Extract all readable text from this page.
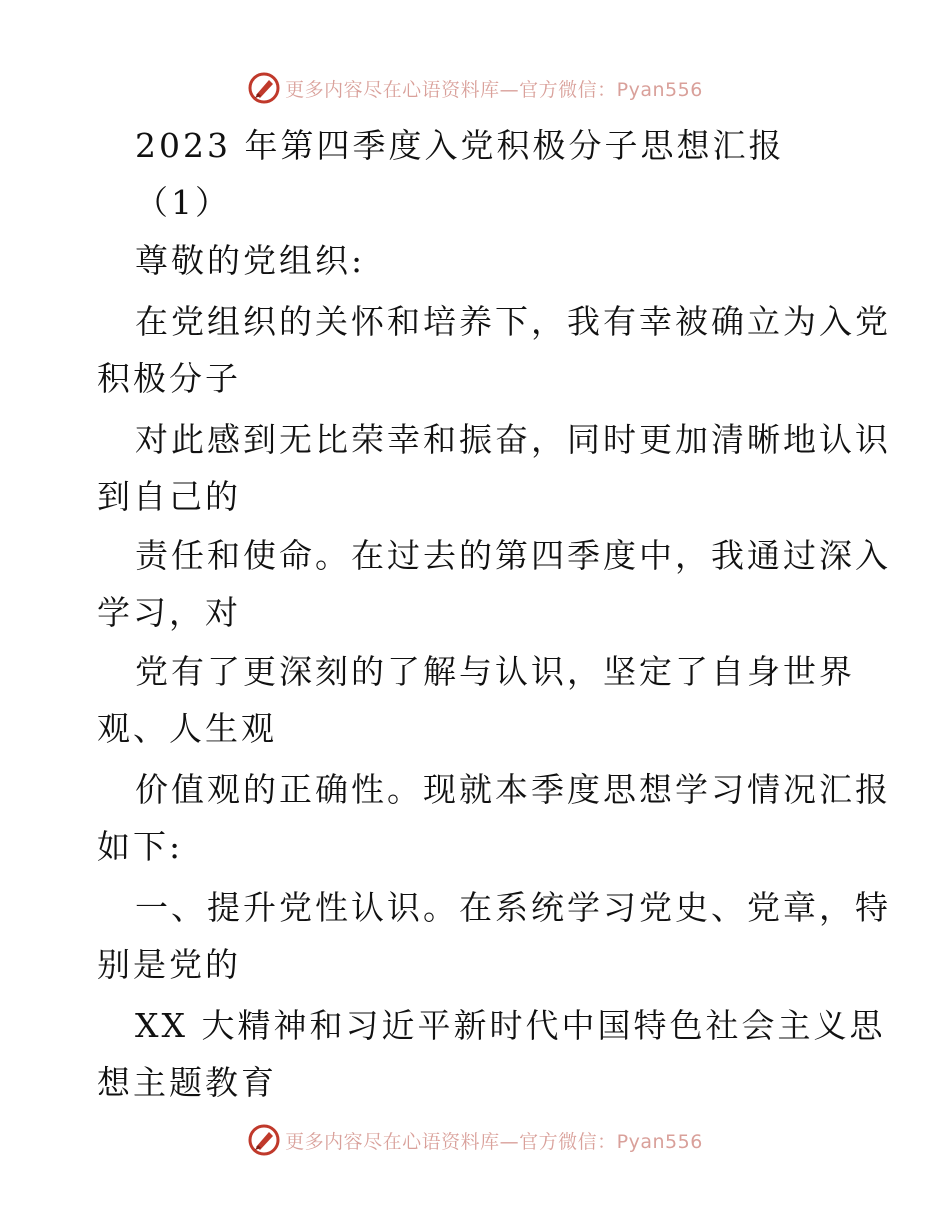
更多内容尽在心语资料库—官方微信：Pyan556
2023 年第四季度入党积极分子思想汇报
（1）
尊敬的党组织:
在党组织的关怀和培养下，我有幸被确立为入党
积极分子
对此感到无比荣幸和振奋，同时更加清晰地认识
到自己的
责任和使命。在过去的第四季度中，我通过深入
学习，对
党有了更深刻的了解与认识，坚定了自身世界
观、人生观
价值观的正确性。现就本季度思想学习情况汇报
如下:
一、提升党性认识。在系统学习党史、党章，特
别是党的
XX 大精神和习近平新时代中国特色社会主义思
想主题教育
更多内容尽在心语资料库—官方微信：Pyan556
